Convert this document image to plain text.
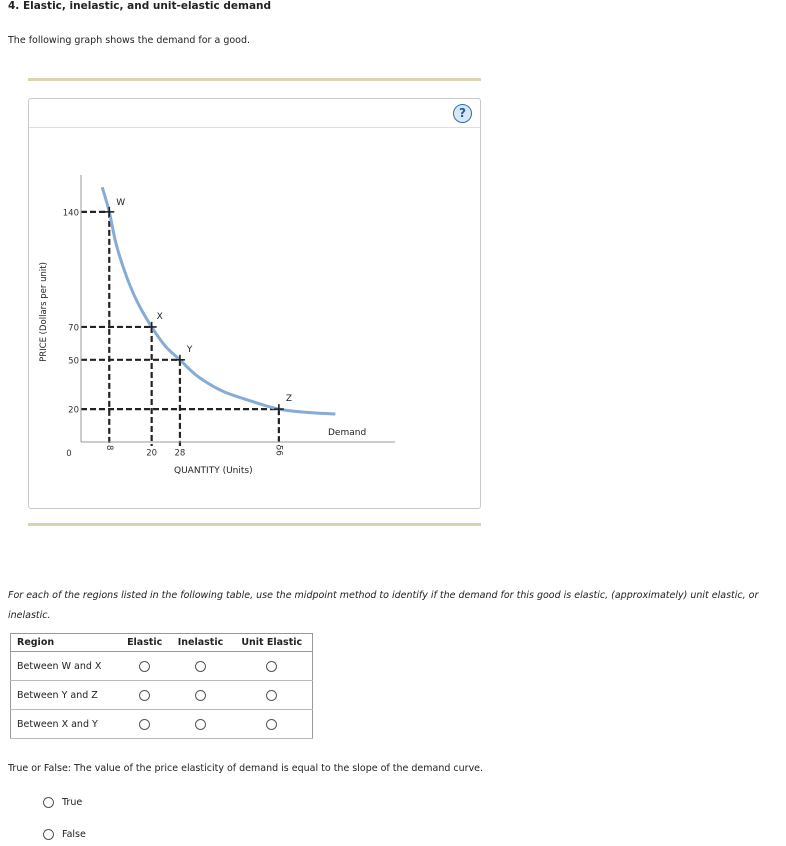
4. Elastic, inelastic, and unit-elastic demand
The following graph shows the demand for a good.
?
W
X
Y
Z
140
70
50
20
8
20 28	56
0
QUANTITY (Units)
PRICE (Dollars per unit)
Demand
For each of the regions listed in the following table, use the midpoint method to identify if the demand for this good is elastic, (approximately) unit elastic, or inelastic.
Region	Elastic	Inelastic	Unit Elastic
Between W and X			
Between Y and Z			
Between X and Y			
True or False: The value of the price elasticity of demand is equal to the slope of the demand curve.
True
False
